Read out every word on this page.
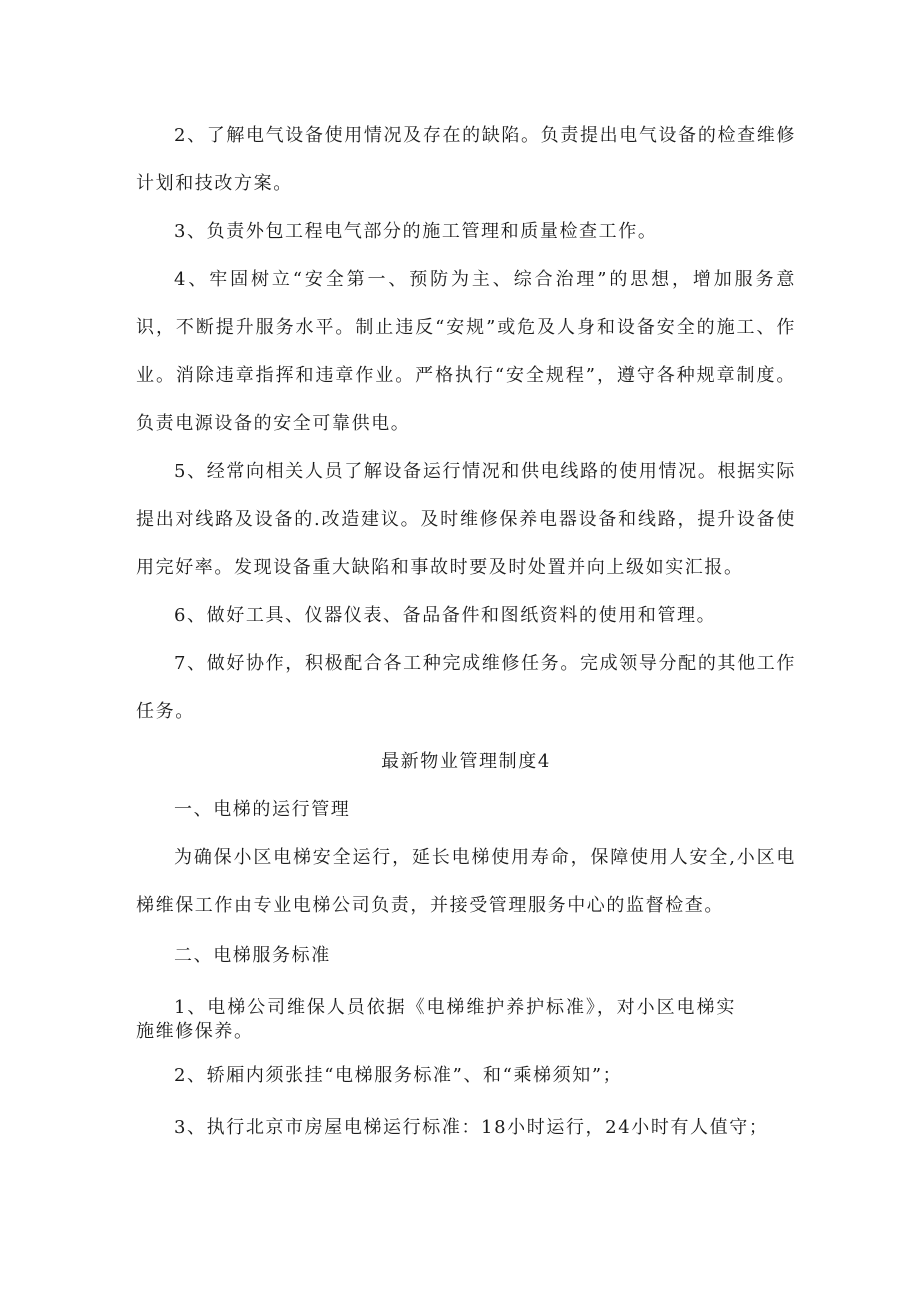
2、了解电气设备使用情况及存在的缺陷。负责提出电气设备的检查维修计划和技改方案。

3、负责外包工程电气部分的施工管理和质量检查工作。

4、牢固树立“安全第一、预防为主、综合治理”的思想，增加服务意识，不断提升服务水平。制止违反“安规”或危及人身和设备安全的施工、作业。消除违章指挥和违章作业。严格执行“安全规程”，遵守各种规章制度。负责电源设备的安全可靠供电。

5、经常向相关人员了解设备运行情况和供电线路的使用情况。根据实际提出对线路及设备的.改造建议。及时维修保养电器设备和线路，提升设备使用完好率。发现设备重大缺陷和事故时要及时处置并向上级如实汇报。

6、做好工具、仪器仪表、备品备件和图纸资料的使用和管理。

7、做好协作，积极配合各工种完成维修任务。完成领导分配的其他工作任务。

最新物业管理制度4

一、电梯的运行管理

为确保小区电梯安全运行，延长电梯使用寿命，保障使用人安全,小区电梯维保工作由专业电梯公司负责，并接受管理服务中心的监督检查。

二、电梯服务标准

1、电梯公司维保人员依据《电梯维护养护标准》，对小区电梯实施维修保养。

2、轿厢内须张挂“电梯服务标准”、和“乘梯须知”；

3、执行北京市房屋电梯运行标准：18小时运行，24小时有人值守；
